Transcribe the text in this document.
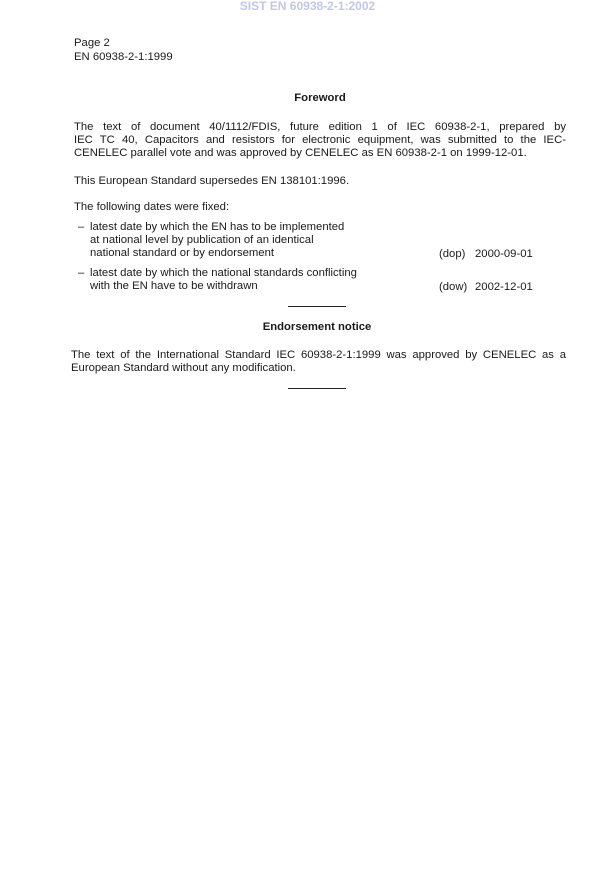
SIST EN 60938-2-1:2002
Page 2
EN 60938-2-1:1999
Foreword
The text of document 40/1112/FDIS, future edition 1 of IEC 60938-2-1, prepared by
IEC TC 40, Capacitors and resistors for electronic equipment, was submitted to the IEC-
CENELEC parallel vote and was approved by CENELEC as EN 60938-2-1 on 1999-12-01.
This European Standard supersedes EN 138101:1996.
The following dates were fixed:
– latest date by which the EN has to be implemented
at national level by publication of an identical
national standard or by endorsement	(dop) 2000-09-01
– latest date by which the national standards conflicting
with the EN have to be withdrawn	(dow) 2002-12-01
Endorsement notice
The text of the International Standard IEC 60938-2-1:1999 was approved by CENELEC as a
European Standard without any modification.
